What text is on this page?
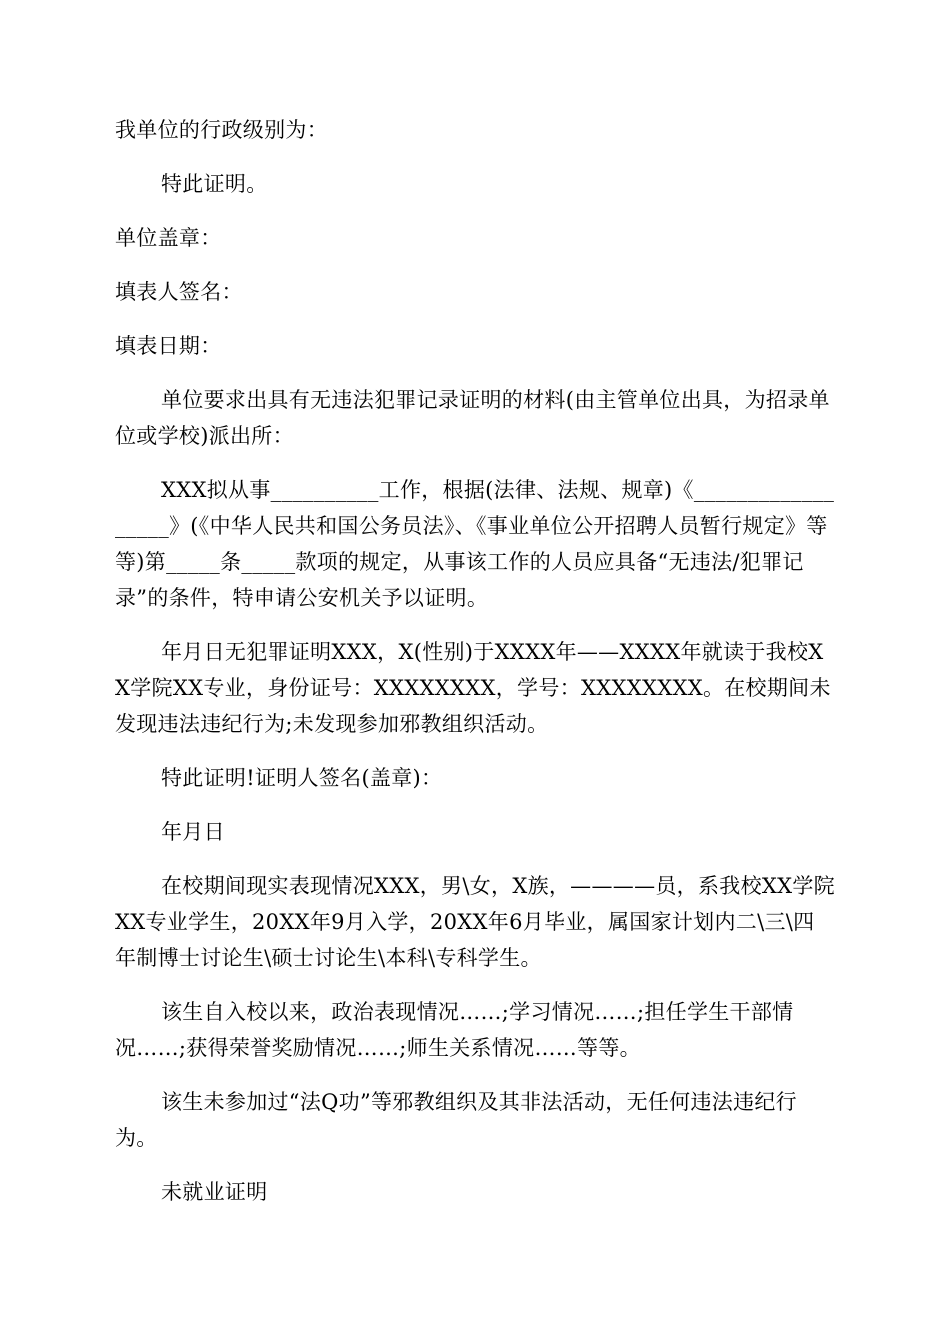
我单位的行政级别为：

特此证明。

单位盖章：

填表人签名：

填表日期：

单位要求出具有无违法犯罪记录证明的材料(由主管单位出具，为招录单位或学校)派出所：

XXX拟从事__________工作，根据(法律、法规、规章)《__________________》(《中华人民共和国公务员法》、《事业单位公开招聘人员暂行规定》等等)第_____条_____款项的规定，从事该工作的人员应具备“无违法/犯罪记录”的条件，特申请公安机关予以证明。

年月日无犯罪证明XXX，X(性别)于XXXX年——XXXX年就读于我校XX学院XX专业，身份证号：XXXXXXXX，学号：XXXXXXXX。在校期间未发现违法违纪行为;未发现参加邪教组织活动。

特此证明!证明人签名(盖章)：

年月日

在校期间现实表现情况XXX，男\女，X族，————员，系我校XX学院XX专业学生，20XX年9月入学，20XX年6月毕业，属国家计划内二\三\四年制博士讨论生\硕士讨论生\本科\专科学生。

该生自入校以来，政治表现情况……;学习情况……;担任学生干部情况……;获得荣誉奖励情况……;师生关系情况……等等。

该生未参加过“法Q功”等邪教组织及其非法活动，无任何违法违纪行为。

未就业证明
